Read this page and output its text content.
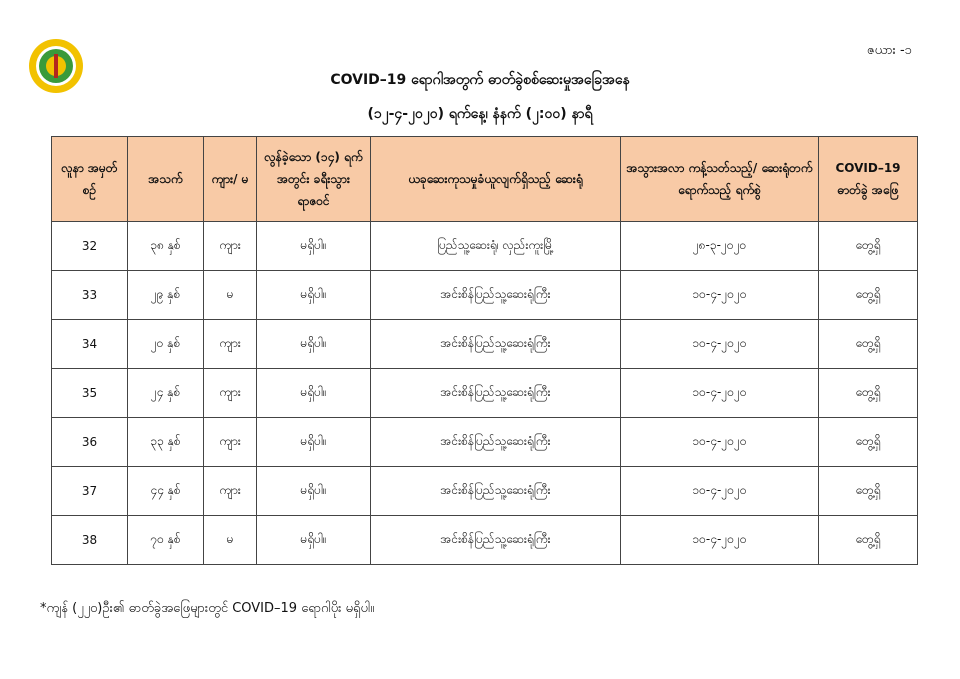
ဇယား -၁
COVID–19 ရောဂါအတွက် ဓာတ်ခွဲစစ်ဆေးမှုအခြေအနေ
(၁၂-၄-၂၀၂၀) ရက်နေ့၊ နံနက် (၂:၀၀) နာရီ
လူနာ အမှတ်စဉ်	အသက်	ကျား/ မ	လွန်ခဲ့သော (၁၄) ရက်အတွင်း ခရီးသွားရာဇဝင်	ယခုဆေးကုသမှုခံယူလျက်ရှိသည့် ဆေးရုံ	အသွားအလာ ကန့်သတ်သည့်/ ဆေးရုံတက်ရောက်သည့် ရက်စွဲ	COVID–19 ဓာတ်ခွဲ အဖြေ
32	၃၈ နှစ်	ကျား	မရှိပါ။	ပြည်သူ့ဆေးရုံ၊ လှည်းကူးမြို့	၂၈-၃-၂၀၂၀	တွေ့ရှိ
33	၂၉ နှစ်	မ	မရှိပါ။	အင်းစိန်ပြည်သူ့ဆေးရုံကြီး	၁၀-၄-၂၀၂၀	တွေ့ရှိ
34	၂၀ နှစ်	ကျား	မရှိပါ။	အင်းစိန်ပြည်သူ့ဆေးရုံကြီး	၁၀-၄-၂၀၂၀	တွေ့ရှိ
35	၂၄ နှစ်	ကျား	မရှိပါ။	အင်းစိန်ပြည်သူ့ဆေးရုံကြီး	၁၀-၄-၂၀၂၀	တွေ့ရှိ
36	၃၃ နှစ်	ကျား	မရှိပါ။	အင်းစိန်ပြည်သူ့ဆေးရုံကြီး	၁၀-၄-၂၀၂၀	တွေ့ရှိ
37	၄၄ နှစ်	ကျား	မရှိပါ။	အင်းစိန်ပြည်သူ့ဆေးရုံကြီး	၁၀-၄-၂၀၂၀	တွေ့ရှိ
38	၇၀ နှစ်	မ	မရှိပါ။	အင်းစိန်ပြည်သူ့ဆေးရုံကြီး	၁၀-၄-၂၀၂၀	တွေ့ရှိ
*ကျန် (၂၂၀)ဦး၏ ဓာတ်ခွဲအဖြေများတွင် COVID–19 ရောဂါပိုး မရှိပါ။
